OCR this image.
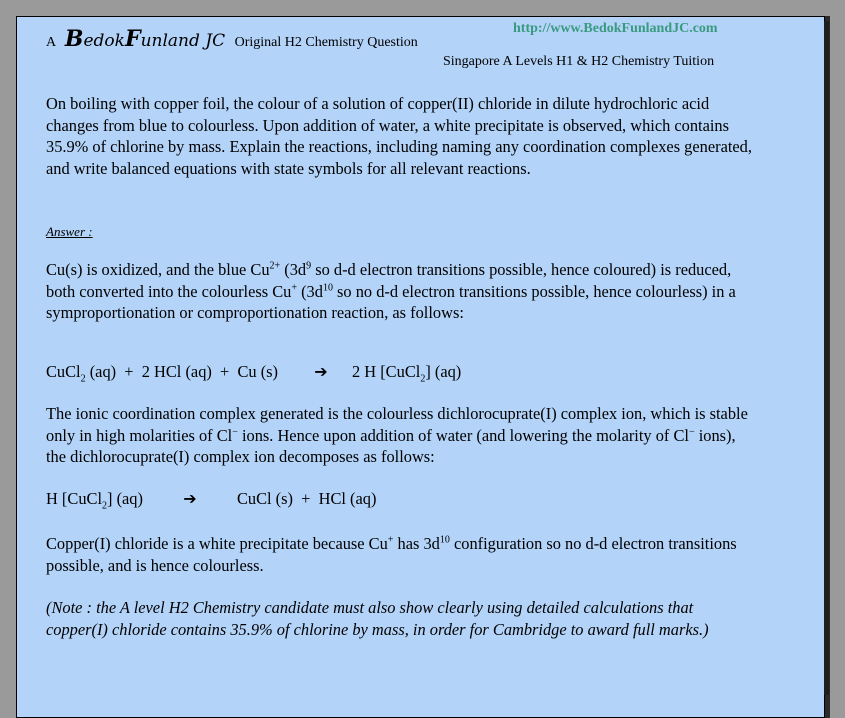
A BedokFunland JC Original H2 Chemistry Question
http://www.BedokFunlandJC.com
Singapore A Levels H1 & H2 Chemistry Tuition
On boiling with copper foil, the colour of a solution of copper(II) chloride in dilute hydrochloric acid changes from blue to colourless. Upon addition of water, a white precipitate is observed, which contains 35.9% of chlorine by mass. Explain the reactions, including naming any coordination complexes generated, and write balanced equations with state symbols for all relevant reactions.
Answer :
Cu(s) is oxidized, and the blue $Cu^{2+}$ ($3d^9$ so d-d electron transitions possible, hence coloured) is reduced, both converted into the colourless Cu+ ($3d^{10}$ so no d-d electron transitions possible, hence colourless) in a symproportionation or comproportionation reaction, as follows:
CuCl$_2$ (aq)  +  2 HCl (aq)  +  Cu (s) ➔ 2 H [CuCl$_2$] (aq)
The ionic coordination complex generated is the colourless dichlorocuprate(I) complex ion, which is stable only in high molarities of Cl− ions. Hence upon addition of water (and lowering the molarity of Cl− ions), the dichlorocuprate(I) complex ion decomposes as follows:
H [CuCl$_2$] (aq)	➔ CuCl (s)  +  HCl (aq)
Copper(I) chloride is a white precipitate because Cu+ has $3d^{10}$ configuration so no d-d electron transitions possible, and is hence colourless.
(Note : the A level H2 Chemistry candidate must also show clearly using detailed calculations that copper(I) chloride contains 35.9% of chlorine by mass, in order for Cambridge to award full marks.)
